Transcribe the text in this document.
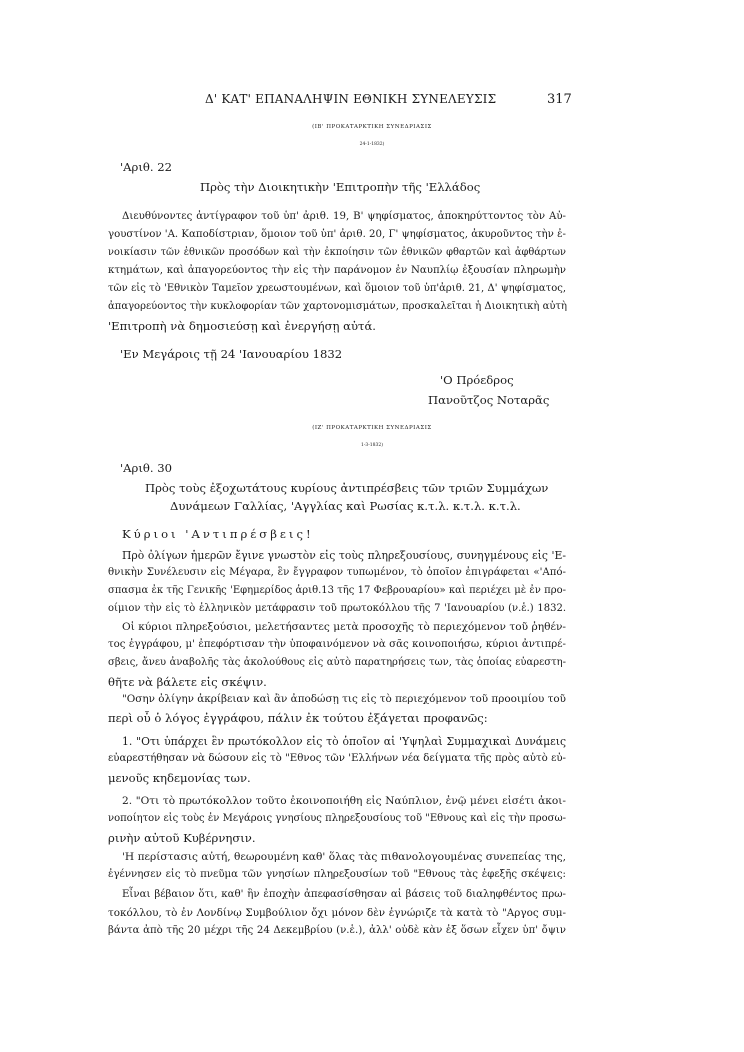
Δ' ΚΑΤ' ΕΠΑΝΑΛΗΨΙΝ ΕΘΝΙΚΗ ΣΥΝΕΛΕΥΣΙΣ	317
(ΙΒ' ΠΡΟΚΑΤΑΡΚΤΙΚΗ ΣΥΝΕΔΡΙΑΣΙΣ
24-1-1832)
'Αριθ. 22
Πρὸς τὴν Διοικητικὴν 'Επιτροπὴν τῆς 'Ελλάδος
Διευθύνοντες ἀντίγραφον τοῦ ὑπ' ἀριθ. 19, Β' ψηφίσματος, ἀποκηρύττοντος τὸν Αὐ-
γουστίνον 'Α. Καποδίστριαν, ὅμοιον τοῦ ὑπ' ἀριθ. 20, Γ' ψηφίσματος, ἀκυροῦντος τὴν ἐ-
νοικίασιν τῶν ἐθνικῶν προσόδων καὶ τὴν ἐκποίησιν τῶν ἐθνικῶν φθαρτῶν καὶ ἀφθάρτων
κτημάτων, καὶ ἀπαγορεύοντος τὴν εἰς τὴν παράνομον ἐν Ναυπλίῳ ἐξουσίαν πληρωμὴν
τῶν εἰς τὸ 'Εθνικὸν Ταμεῖον χρεωστουμένων, καὶ ὅμοιον τοῦ ὑπ'ἀριθ. 21, Δ' ψηφίσματος,
ἀπαγορεύοντος τὴν κυκλοφορίαν τῶν χαρτονομισμάτων, προσκαλεῖται ἡ Διοικητικὴ αὐτὴ
'Επιτροπὴ νὰ δημοσιεύσῃ καὶ ἐνεργήσῃ αὐτά.
'Εν Μεγάροις τῇ 24 'Ιανουαρίου 1832
'Ο Πρόεδρος
Πανοῦτζος Νοταρᾶς
(ΙΖ' ΠΡΟΚΑΤΑΡΚΤΙΚΗ ΣΥΝΕΔΡΙΑΣΙΣ
1-3-1832)
'Αριθ. 30
Πρὸς τοὺς ἐξοχωτάτους κυρίους ἀντιπρέσβεις τῶν τριῶν Συμμάχων
Δυνάμεων Γαλλίας, 'Αγγλίας καὶ Ρωσίας κ.τ.λ. κ.τ.λ. κ.τ.λ.
Κύριοι 'Αντιπρέσβεις!
Πρὸ ὀλίγων ἡμερῶν ἔγινε γνωστὸν εἰς τοὺς πληρεξουσίους, συνηγμένους εἰς 'Ε-
θνικὴν Συνέλευσιν εἰς Μέγαρα, ἓν ἔγγραφον τυπωμένον, τὸ ὁποῖον ἐπιγράφεται «'Από-
σπασμα ἐκ τῆς Γενικῆς 'Εφημερίδος ἀριθ.13 τῆς 17 Φεβρουαρίου» καὶ περιέχει μὲ ἐν προ-
οίμιον τὴν εἰς τὸ ἑλληνικὸν μετάφρασιν τοῦ πρωτοκόλλου τῆς 7 'Ιανουαρίου (ν.ἑ.) 1832.
Οἱ κύριοι πληρεξούσιοι, μελετήσαντες μετὰ προσοχῆς τὸ περιεχόμενον τοῦ ῥηθέν-
τος ἐγγράφου, μ' ἐπεφόρτισαν τὴν ὑποφαινόμενον νὰ σᾶς κοινοποιήσω, κύριοι ἀντιπρέ-
σβεις, ἄνευ ἀναβολῆς τὰς ἀκολούθους εἰς αὐτὸ παρατηρήσεις των, τὰς ὁποίας εὐαρεστη-
θῆτε νὰ βάλετε εἰς σκέψιν.
"Οσην ὀλίγην ἀκρίβειαν καὶ ἂν ἀποδώσῃ τις εἰς τὸ περιεχόμενον τοῦ προοιμίου τοῦ
περὶ οὗ ὁ λόγος ἐγγράφου, πάλιν ἐκ τούτου ἐξάγεται προφανῶς:
1. "Οτι ὑπάρχει ἓν πρωτόκολλον εἰς τὸ ὁποῖον αἱ 'Υψηλαὶ Συμμαχικαὶ Δυνάμεις
εὐαρεστήθησαν νὰ δώσουν εἰς τὸ "Εθνος τῶν 'Ελλήνων νέα δείγματα τῆς πρὸς αὐτὸ εὐ-
μενοῦς κηδεμονίας των.
2. "Οτι τὸ πρωτόκολλον τοῦτο ἐκοινοποιήθη εἰς Ναύπλιον, ἐνῷ μένει εἰσέτι ἀκοι-
νοποίητον εἰς τοὺς ἐν Μεγάροις γνησίους πληρεξουσίους τοῦ "Εθνους καὶ εἰς τὴν προσω-
ρινὴν αὐτοῦ Κυβέρνησιν.
'Η περίστασις αὐτή, θεωρουμένη καθ' ὅλας τὰς πιθανολογουμένας συνεπείας της,
ἐγέννησεν εἰς τὸ πνεῦμα τῶν γνησίων πληρεξουσίων τοῦ "Εθνους τὰς ἐφεξῆς σκέψεις:
Εἶναι βέβαιον ὅτι, καθ' ἣν ἐποχὴν ἀπεφασίσθησαν αἱ βάσεις τοῦ διαληφθέντος πρω-
τοκόλλου, τὸ ἐν Λονδίνῳ Συμβούλιον ὄχι μόνον δὲν ἐγνώριζε τὰ κατὰ τὸ "Αργος συμ-
βάντα ἀπὸ τῆς 20 μέχρι τῆς 24 Δεκεμβρίου (ν.ἑ.), ἀλλ' οὐδὲ κὰν ἐξ ὅσων εἶχεν ὑπ' ὄψιν
